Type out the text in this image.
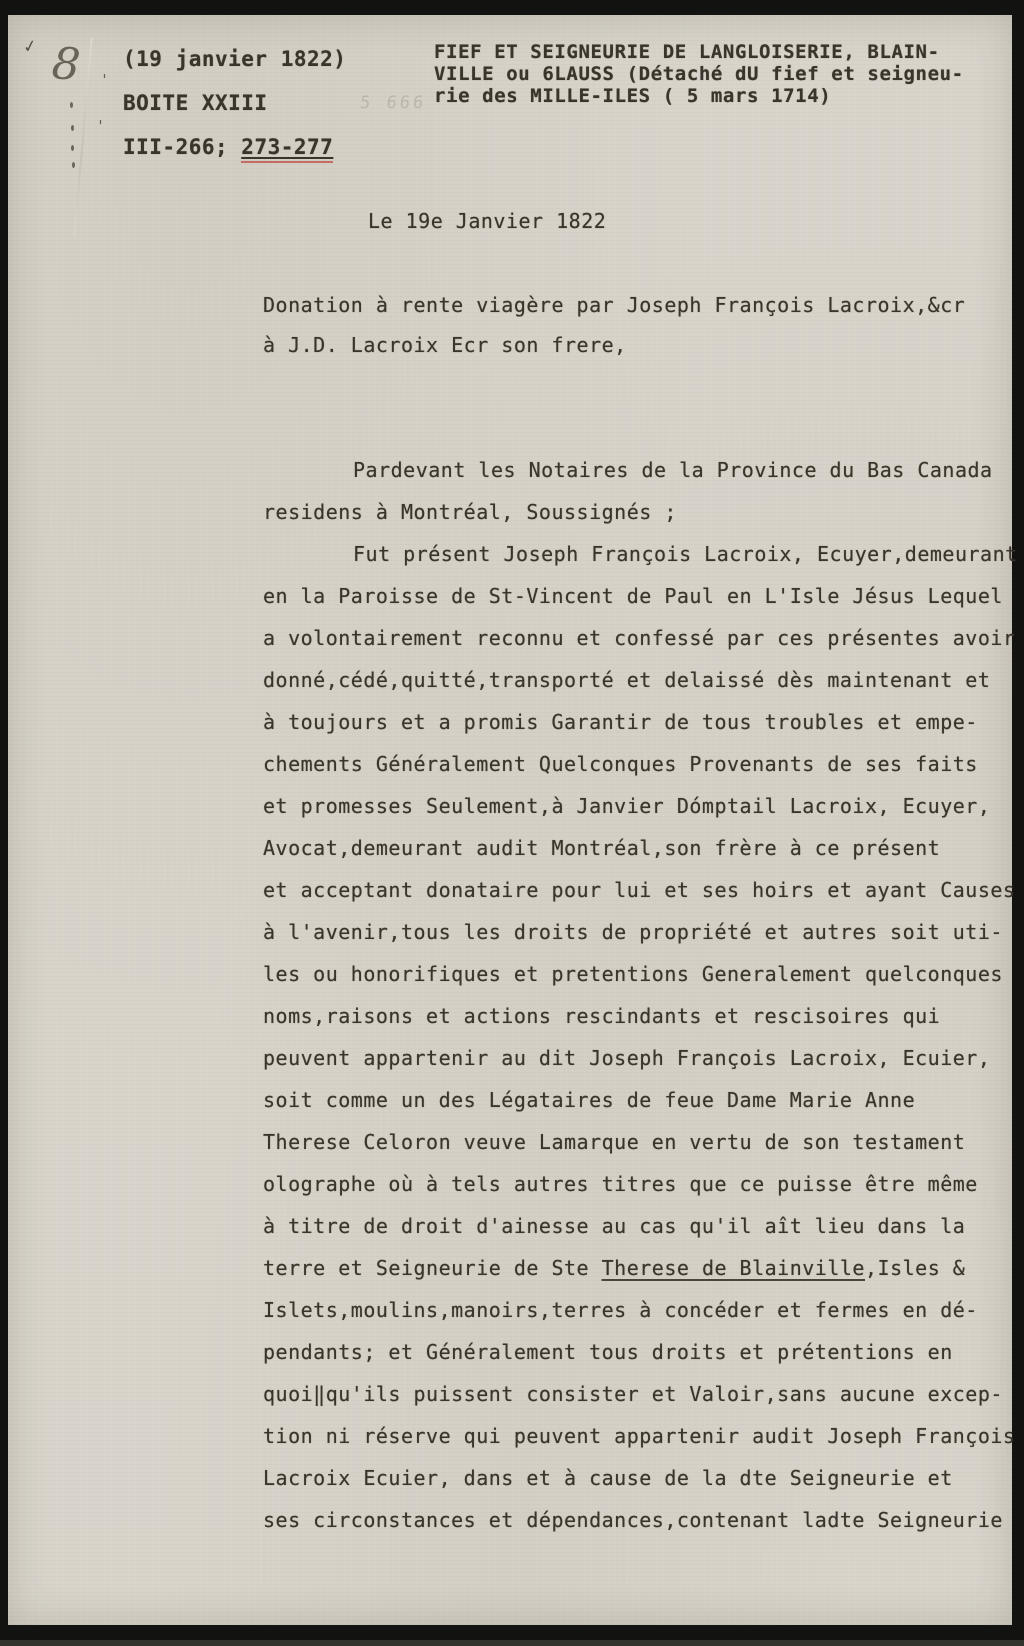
✓ 8 '
'
5 666
(19 janvier 1822)
BOITE XXIII
III-266; 273-277
FIEF ET SEIGNEURIE DE LANGLOISERIE, BLAIN-
VILLE ou 6LAUSS (Détaché dU fief et seigneu-
rie des MILLE-ILES ( 5 mars 1714)
Le 19e Janvier 1822
Donation à rente viagère par Joseph François Lacroix,&cr
à J.D. Lacroix Ecr son frere,
Pardevant les Notaires de la Province du Bas Canada
residens à Montréal, Soussignés ;
Fut présent Joseph François Lacroix, Ecuyer,demeurant
en la Paroisse de St-Vincent de Paul en L'Isle Jésus Lequel
a volontairement reconnu et confessé par ces présentes avoir
donné,cédé,quitté,transporté et delaissé dès maintenant et
à toujours et a promis Garantir de tous troubles et empe-
chements Généralement Quelconques Provenants de ses faits
et promesses Seulement,à Janvier Dómptail Lacroix, Ecuyer,
Avocat,demeurant audit Montréal,son frère à ce présent
et acceptant donataire pour lui et ses hoirs et ayant Causes
à l'avenir,tous les droits de propriété et autres soit uti-
les ou honorifiques et pretentions Generalement quelconques
noms,raisons et actions rescindants et rescisoires qui
peuvent appartenir au dit Joseph François Lacroix, Ecuier,
soit comme un des Légataires de feue Dame Marie Anne
Therese Celoron veuve Lamarque en vertu de son testament
olographe où à tels autres titres que ce puisse être même
à titre de droit d'ainesse au cas qu'il aît lieu dans la
terre et Seigneurie de Ste Therese de Blainville,Isles &
Islets,moulins,manoirs,terres à concéder et fermes en dé-
pendants; et Généralement tous droits et prétentions en
quoi‖qu'ils puissent consister et Valoir,sans aucune excep-
tion ni réserve qui peuvent appartenir audit Joseph François
Lacroix Ecuier, dans et à cause de la dte Seigneurie et
ses circonstances et dépendances,contenant ladte Seigneurie
